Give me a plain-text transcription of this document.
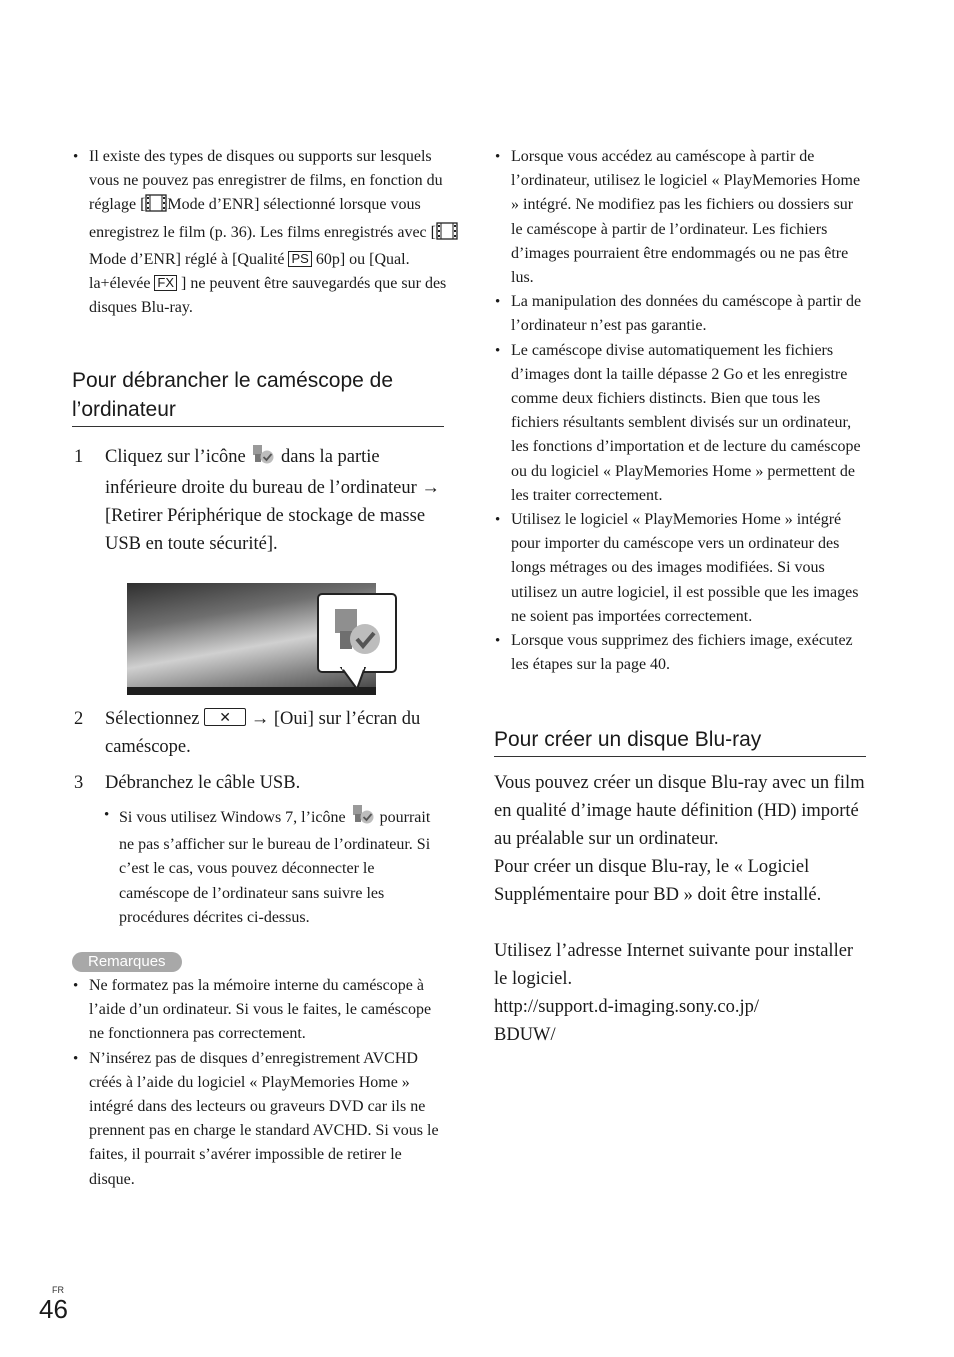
• Il existe des types de disques ou supports sur lesquels vous ne pouvez pas enregistrer de films, en fonction du réglage [ Mode d’ENR] sélectionné lorsque vous enregistrez le film (p. 36). Les films enregistrés avec [Mode d’ENR] réglé à [Qualité PS 60p] ou [Qual. la+élevée FX ] ne peuvent être sauvegardés que sur des disques Blu-ray.
Pour débrancher le caméscope de l’ordinateur
1 Cliquez sur l’icône  dans la partie inférieure droite du bureau de l’ordinateur → [Retirer Périphérique de stockage de masse USB en toute sécurité].
2 Sélectionnez ✕ → [Oui] sur l’écran du caméscope.
3 Débranchez le câble USB.
• Si vous utilisez Windows 7, l’icône  pourrait ne pas s’afficher sur le bureau de l’ordinateur. Si c’est le cas, vous pouvez déconnecter le caméscope de l’ordinateur sans suivre les procédures décrites ci-dessus.
Remarques
• Ne formatez pas la mémoire interne du caméscope à l’aide d’un ordinateur. Si vous le faites, le caméscope ne fonctionnera pas correctement.
• N’insérez pas de disques d’enregistrement AVCHD créés à l’aide du logiciel « PlayMemories Home » intégré dans des lecteurs ou graveurs DVD car ils ne prennent pas en charge le standard AVCHD. Si vous le faites, il pourrait s’avérer impossible de retirer le disque.
• Lorsque vous accédez au caméscope à partir de l’ordinateur, utilisez le logiciel « PlayMemories Home » intégré. Ne modifiez pas les fichiers ou dossiers sur le caméscope à partir de l’ordinateur. Les fichiers d’images pourraient être endommagés ou ne pas être lus.
• La manipulation des données du caméscope à partir de l’ordinateur n’est pas garantie.
• Le caméscope divise automatiquement les fichiers d’images dont la taille dépasse 2 Go et les enregistre comme deux fichiers distincts. Bien que tous les fichiers résultants semblent divisés sur un ordinateur, les fonctions d’importation et de lecture du caméscope ou du logiciel « PlayMemories Home » permettent de les traiter correctement.
• Utilisez le logiciel « PlayMemories Home » intégré pour importer du caméscope vers un ordinateur des longs métrages ou des images modifiées. Si vous utilisez un autre logiciel, il est possible que les images ne soient pas importées correctement.
• Lorsque vous supprimez des fichiers image, exécutez les étapes sur la page 40.
Pour créer un disque Blu-ray

Vous pouvez créer un disque Blu-ray avec un film en qualité d’image haute définition (HD) importé au préalable sur un ordinateur.

Pour créer un disque Blu-ray, le « Logiciel Supplémentaire pour BD » doit être installé.

Utilisez l’adresse Internet suivante pour installer le logiciel.

http://support.d-imaging.sony.co.jp/ BDUW/

FR
46
